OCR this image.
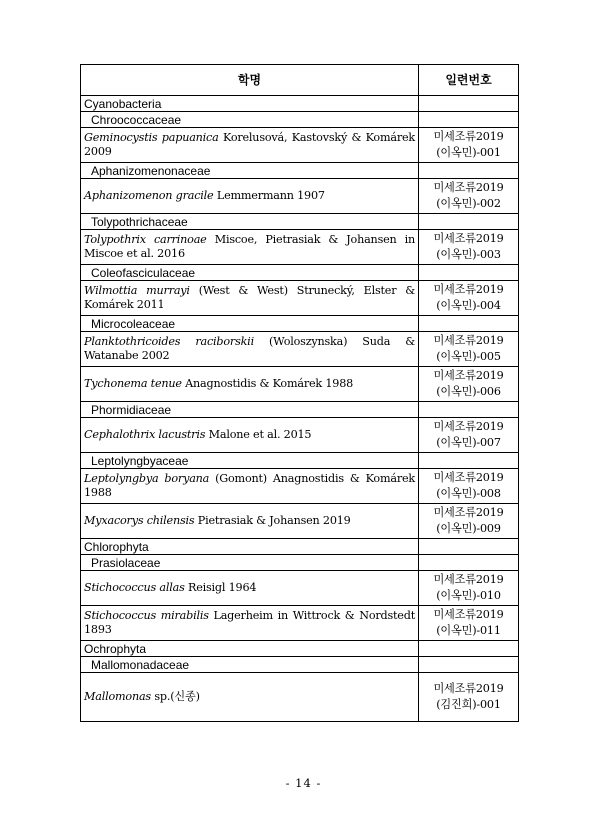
학명	일련번호
Cyanobacteria	
Chroococcaceae	
Geminocystis papuanica Korelusová, Kastovský & Komárek 2009	미세조류2019
(이옥민)-001

Aphanizomenonaceae	
Aphanizomenon gracile Lemmermann 1907	미세조류2019
(이옥민)-002

Tolypothrichaceae	
Tolypothrix carrinoae Miscoe, Pietrasiak & Johansen in Miscoe et al. 2016	미세조류2019
(이옥민)-003

Coleofasciculaceae	
Wilmottia murrayi (West & West) Strunecký, Elster & Komárek 2011	미세조류2019
(이옥민)-004

Microcoleaceae	
Planktothricoides raciborskii (Woloszynska) Suda & Watanabe 2002	미세조류2019
(이옥민)-005

Tychonema tenue Anagnostidis & Komárek 1988	미세조류2019
(이옥민)-006

Phormidiaceae	
Cephalothrix lacustris Malone et al. 2015	미세조류2019
(이옥민)-007

Leptolyngbyaceae	
Leptolyngbya boryana (Gomont) Anagnostidis & Komárek 1988	미세조류2019
(이옥민)-008

Myxacorys chilensis Pietrasiak & Johansen 2019	미세조류2019
(이옥민)-009

Chlorophyta	
Prasiolaceae	
Stichococcus allas Reisigl 1964	미세조류2019
(이옥민)-010

Stichococcus mirabilis Lagerheim in Wittrock & Nordstedt 1893	미세조류2019
(이옥민)-011

Ochrophyta	
Mallomonadaceae	
Mallomonas sp.(신종)	미세조류2019
(김진희)-001
- 14 -
